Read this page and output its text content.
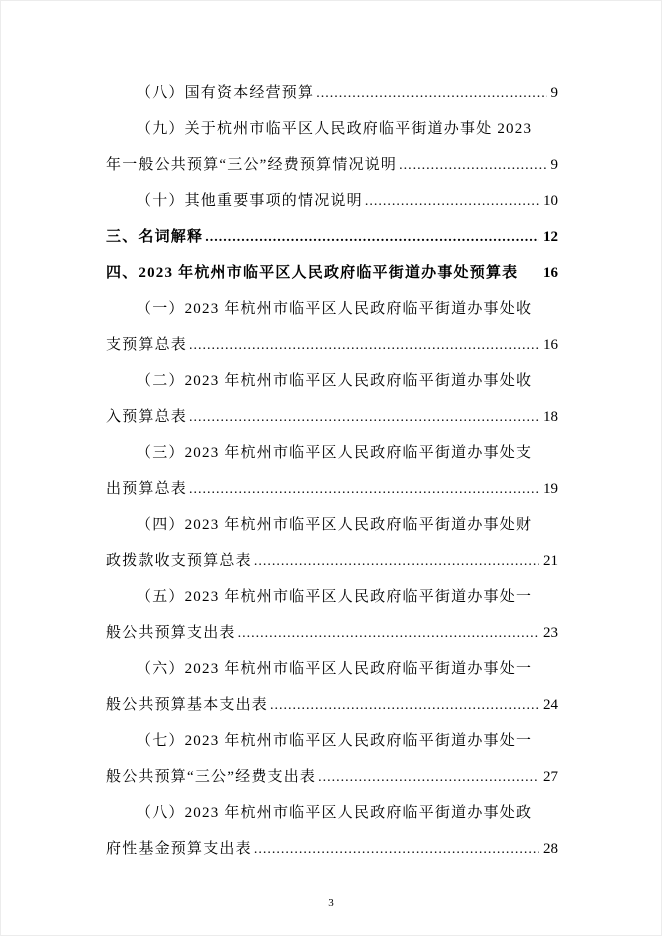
（八）国有资本经营预算 .....	9
（九）关于杭州市临平区人民政府临平街道办事处 2023
年一般公共预算“三公”经费预算情况说明 .....	9
（十）其他重要事项的情况说明 .....	10
三、名词解释 .....	12
四、2023 年杭州市临平区人民政府临平街道办事处预算表 16
（一）2023 年杭州市临平区人民政府临平街道办事处收
支预算总表 .....	16
（二）2023 年杭州市临平区人民政府临平街道办事处收
入预算总表 .....	18
（三）2023 年杭州市临平区人民政府临平街道办事处支
出预算总表 .....	19
（四）2023 年杭州市临平区人民政府临平街道办事处财
政拨款收支预算总表 .....	21
（五）2023 年杭州市临平区人民政府临平街道办事处一
般公共预算支出表 .....	23
（六）2023 年杭州市临平区人民政府临平街道办事处一
般公共预算基本支出表 .....	24
（七）2023 年杭州市临平区人民政府临平街道办事处一
般公共预算“三公”经费支出表 .....	27
（八）2023 年杭州市临平区人民政府临平街道办事处政
府性基金预算支出表 .....	28
3
